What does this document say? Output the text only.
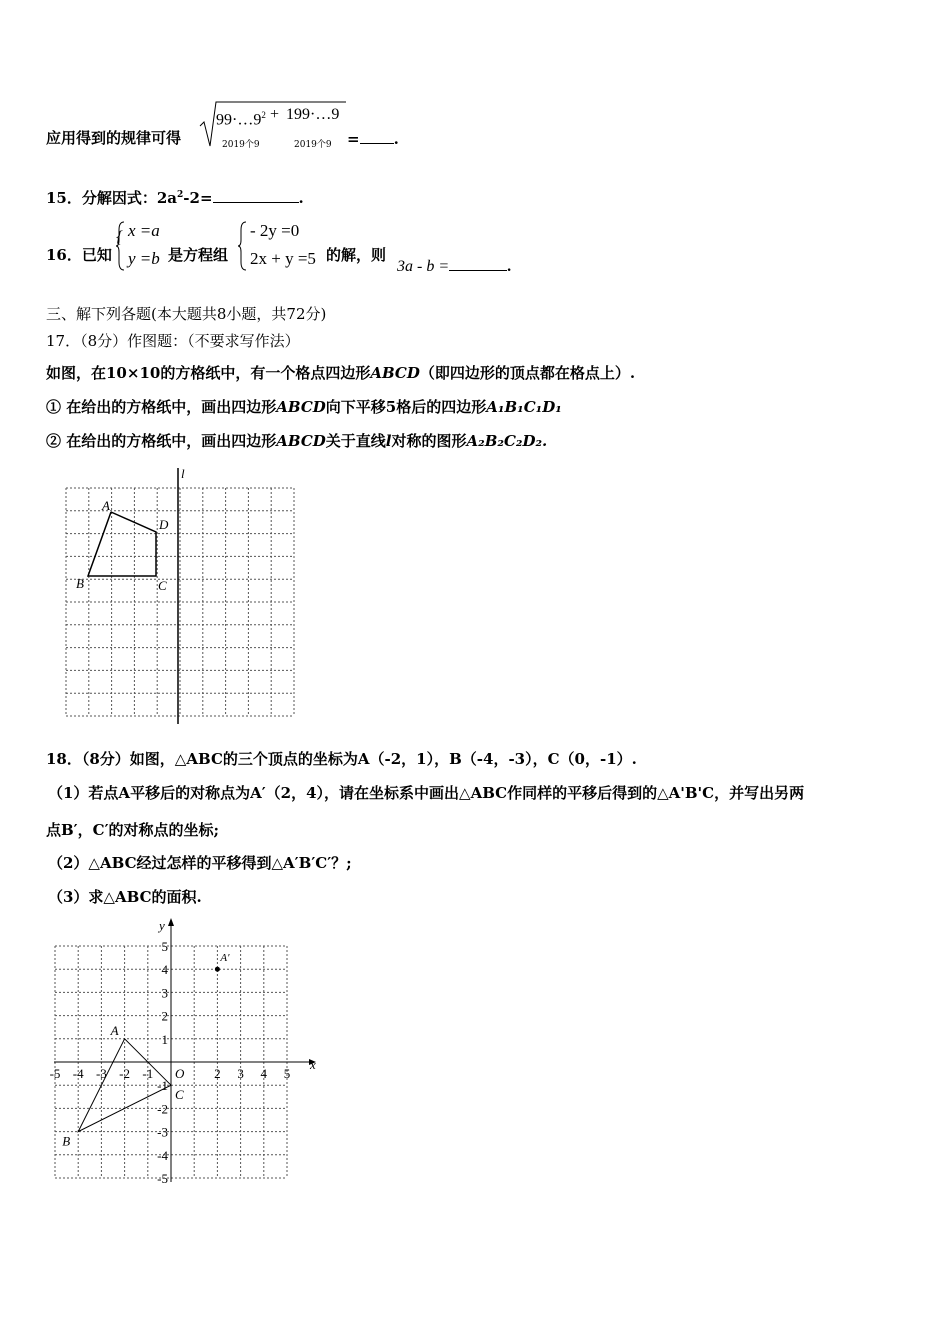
应用得到的规律可得
$99\cdot\dots 9^2$ + 199·…9
2019个9	2019个9 = .
15．分解因式：$2a^2-2=$	.
16．已知
{ x =a
y =b 是方程组
- 2y =0
2x + y =5 的解，则
3a - b =	.
三、解下列各题(本大题共8小题，共72分)
17．（8分）作图题：（不要求写作法）
如图，在10×10的方格纸中，有一个格点四边形ABCD（即四边形的顶点都在格点上）.
① 在给出的方格纸中，画出四边形ABCD向下平移5格后的四边形A₁B₁C₁D₁
② 在给出的方格纸中，画出四边形ABCD关于直线l对称的图形A₂B₂C₂D₂.
l
A
D
B	C
18．（8分）如图，△ABC的三个顶点的坐标为A（-2，1），B（-4，-3），C（0，-1）.
（1）若点A平移后的对称点为A′（2，4），请在坐标系中画出△ABC作同样的平移后得到的△A'B'C，并写出另两
点B′，C′的对称点的坐标;
（2）△ABC经过怎样的平移得到△A′B′C′？;
（3）求△ABC的面积.
x
y
O
-5 -4 -3 -2 -1	2 3 4 5
5
4
3
2
1
-1
-2
-3
-4
-5
A
B
C
A′
